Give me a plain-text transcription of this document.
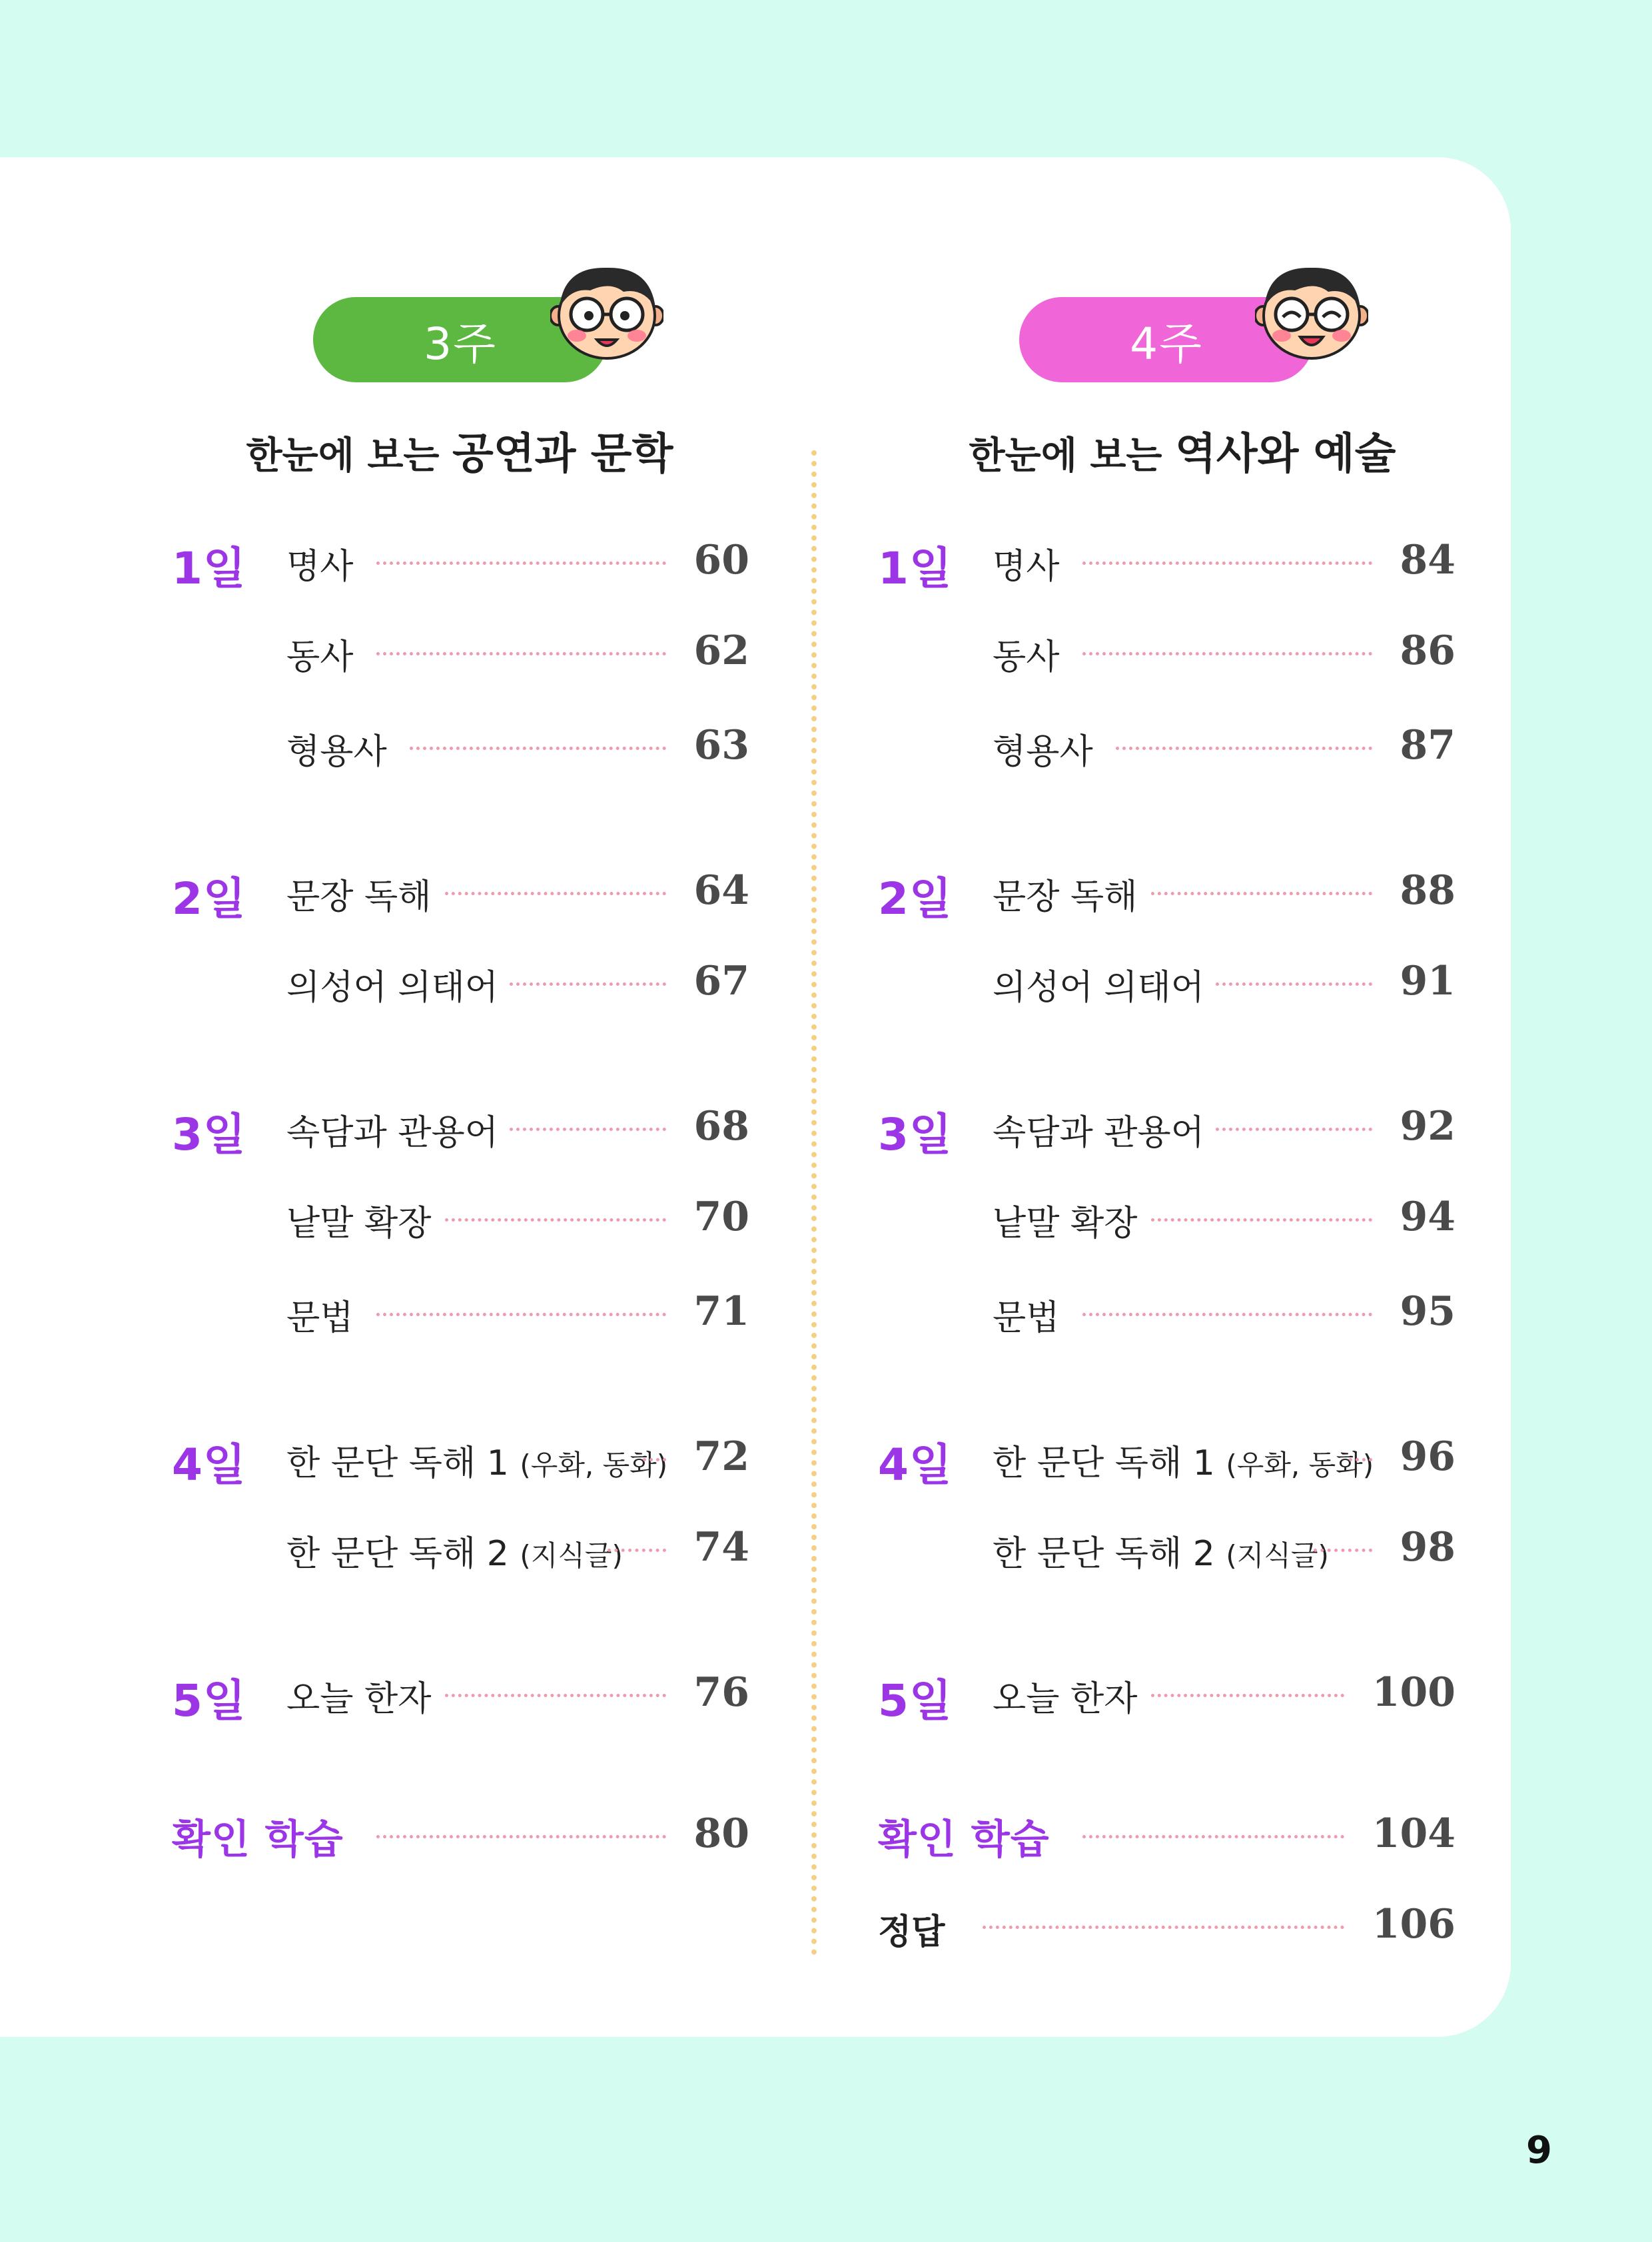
3주
한눈에 보는 공연과 문학
1일 명사	60
동사	62
형용사	63
2일 문장 독해	64
의성어 의태어	67
3일 속담과 관용어	68
낱말 확장	70
문법	71
4일 한 문단 독해 1 (우화, 동화) 72
한 문단 독해 2 (지식글)	74
5일 오늘 한자	76
확인 학습	80
4주
한눈에 보는 역사와 예술
1일 명사	84
동사	86
형용사	87
2일 문장 독해	88
의성어 의태어	91
3일 속담과 관용어	92
낱말 확장	94
문법	95
4일 한 문단 독해 1 (우화, 동화) 96
한 문단 독해 2 (지식글)	98
5일 오늘 한자	100
확인 학습	104
정답	106
9
